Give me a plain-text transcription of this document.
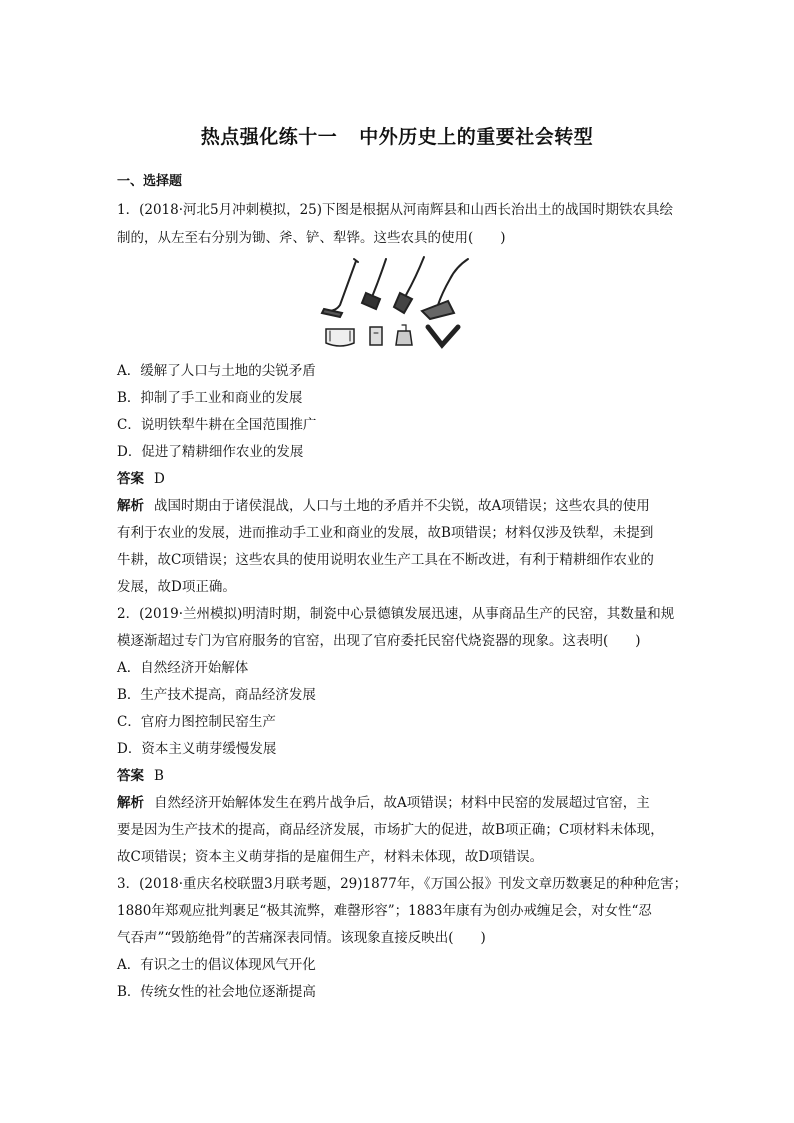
热点强化练十一 中外历史上的重要社会转型
一、选择题
1．(2018·河北5月冲刺模拟，25)下图是根据从河南辉县和山西长治出土的战国时期铁农具绘
制的，从左至右分别为锄、斧、铲、犁铧。这些农具的使用(　　)
A．缓解了人口与土地的尖锐矛盾
B．抑制了手工业和商业的发展
C．说明铁犁牛耕在全国范围推广
D．促进了精耕细作农业的发展
答案 D
解析 战国时期由于诸侯混战，人口与土地的矛盾并不尖锐，故A项错误；这些农具的使用
有利于农业的发展，进而推动手工业和商业的发展，故B项错误；材料仅涉及铁犁，未提到
牛耕，故C项错误；这些农具的使用说明农业生产工具在不断改进，有利于精耕细作农业的
发展，故D项正确。
2．(2019·兰州模拟)明清时期，制瓷中心景德镇发展迅速，从事商品生产的民窑，其数量和规
模逐渐超过专门为官府服务的官窑，出现了官府委托民窑代烧瓷器的现象。这表明(　　)
A．自然经济开始解体
B．生产技术提高，商品经济发展
C．官府力图控制民窑生产
D．资本主义萌芽缓慢发展
答案 B
解析 自然经济开始解体发生在鸦片战争后，故A项错误；材料中民窑的发展超过官窑，主
要是因为生产技术的提高，商品经济发展，市场扩大的促进，故B项正确；C项材料未体现，
故C项错误；资本主义萌芽指的是雇佣生产，材料未体现，故D项错误。
3．(2018·重庆名校联盟3月联考题，29)1877年，《万国公报》刊发文章历数裹足的种种危害；
1880年郑观应批判裹足“极其流弊，难罄形容”；1883年康有为创办戒缠足会，对女性“忍
气吞声”“毁筋绝骨”的苦痛深表同情。该现象直接反映出(　　)
A．有识之士的倡议体现风气开化
B．传统女性的社会地位逐渐提高
